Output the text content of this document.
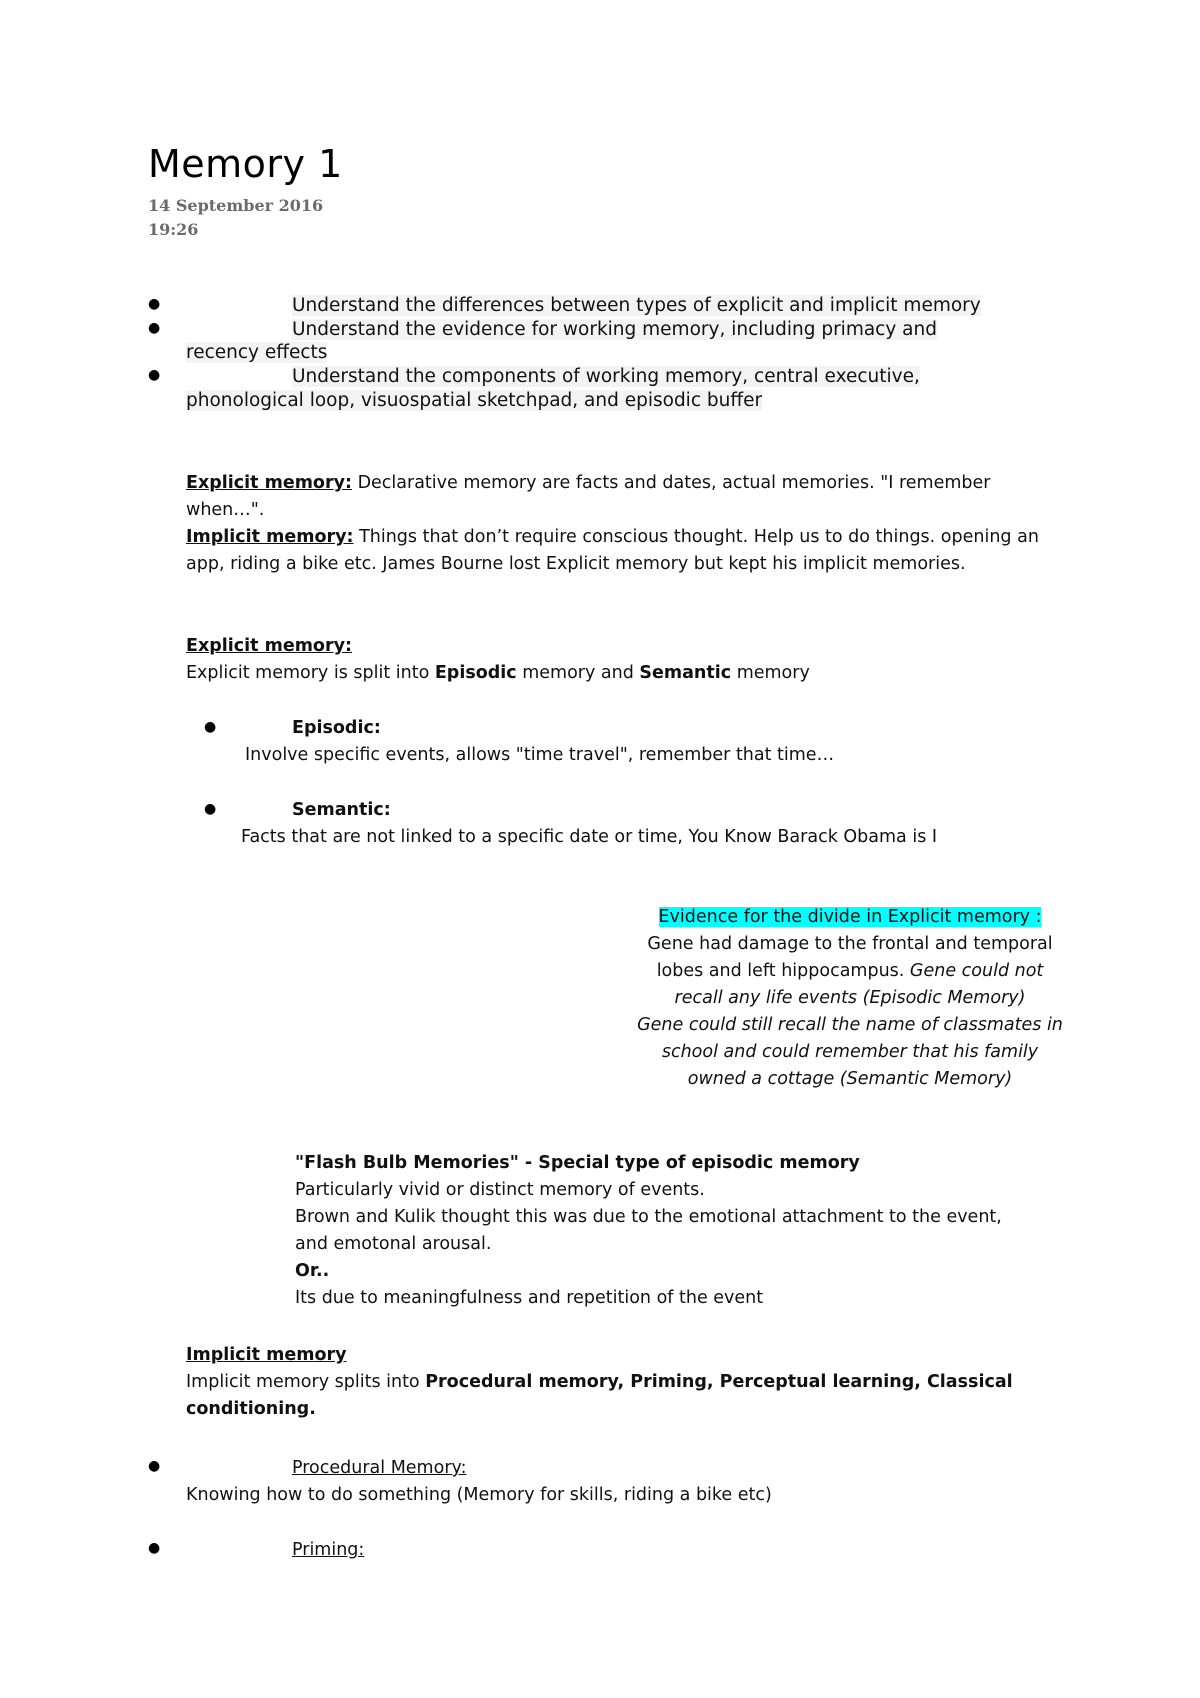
Memory 1
14 September 2016
19:26
●	Understand the differences between types of explicit and implicit memory
●	Understand the evidence for working memory, including primacy and
recency effects
●	Understand the components of working memory, central executive,
phonological loop, visuospatial sketchpad, and episodic buffer
Explicit memory: Declarative memory are facts and dates, actual memories. "I remember
when…".
Implicit memory: Things that don’t require conscious thought. Help us to do things. opening an
app, riding a bike etc. James Bourne lost Explicit memory but kept his implicit memories.
Explicit memory:
Explicit memory is split into Episodic memory and Semantic memory
●	Episodic:
Involve specific events, allows "time travel", remember that time…
●	Semantic:
Facts that are not linked to a specific date or time, You Know Barack Obama is I
Evidence for the divide in Explicit memory :
Gene had damage to the frontal and temporal
lobes and left hippocampus. Gene could not
recall any life events (Episodic Memory)
Gene could still recall the name of classmates in
school and could remember that his family
owned a cottage (Semantic Memory)
"Flash Bulb Memories" - Special type of episodic memory
Particularly vivid or distinct memory of events.
Brown and Kulik thought this was due to the emotional attachment to the event,
and emotonal arousal.
Or..
Its due to meaningfulness and repetition of the event
Implicit memory
Implicit memory splits into Procedural memory, Priming, Perceptual learning, Classical
conditioning.
●	Procedural Memory:
Knowing how to do something (Memory for skills, riding a bike etc)
●	Priming:
